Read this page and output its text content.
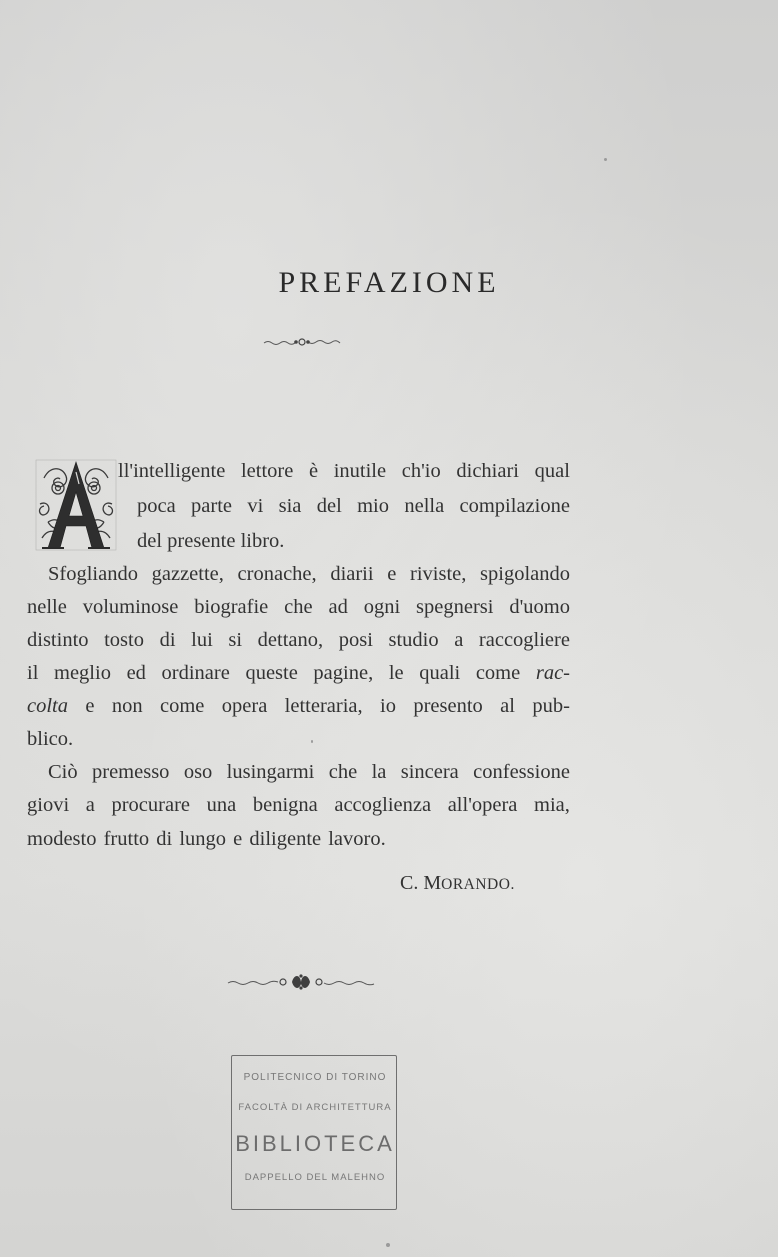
PREFAZIONE
ll'intelligente lettore è inutile ch'io dichiari qual
poca parte vi sia del mio nella compilazione
del presente libro.
Sfogliando gazzette, cronache, diarii e riviste, spigolando
nelle voluminose biografie che ad ogni spegnersi d'uomo
distinto tosto di lui si dettano, posi studio a raccogliere
il meglio ed ordinare queste pagine, le quali come rac-
colta e non come opera letteraria, io presento al pub-
blico.
Ciò premesso oso lusingarmi che la sincera confessione
giovi a procurare una benigna accoglienza all'opera mia,
modesto frutto di lungo e diligente lavoro.
C. MORANDO.
POLITECNICO DI TORINO
FACOLTÀ DI ARCHITETTURA
BIBLIOTECA
DAPPELLO DEL MALEHNO
